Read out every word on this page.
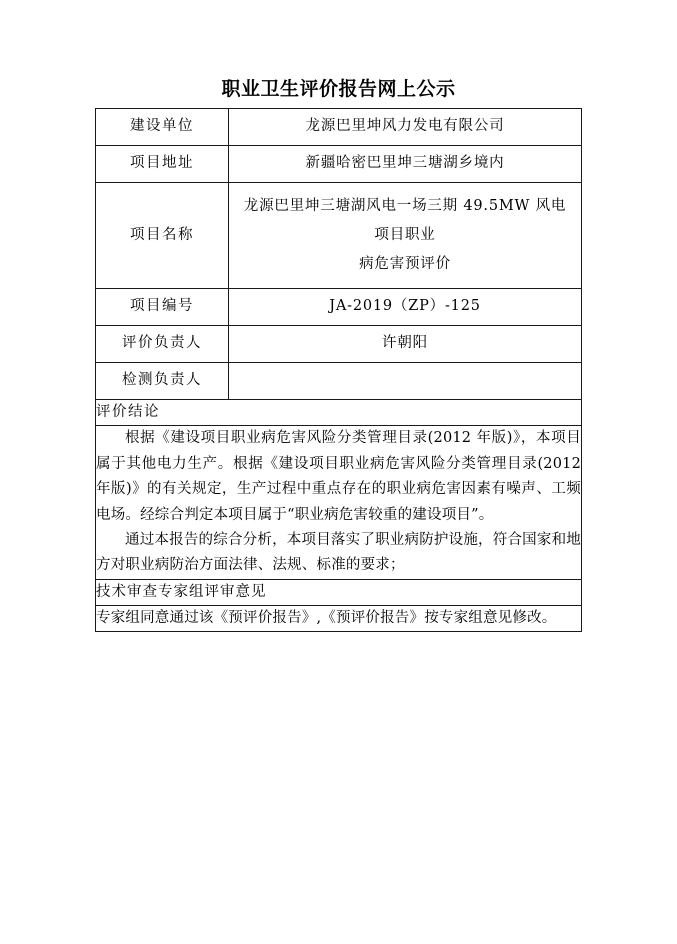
职业卫生评价报告网上公示
建设单位	龙源巴里坤风力发电有限公司
项目地址	新疆哈密巴里坤三塘湖乡境内
项目名称	龙源巴里坤三塘湖风电一场三期 49.5MW 风电项目职业
病危害预评价

项目编号	JA-2019（ZP）-125
评价负责人	许朝阳
检测负责人	
评价结论	

根据《建设项目职业病危害风险分类管理目录(2012 年版)》，本项目属于其他电力生产。根据《建设项目职业病危害风险分类管理目录(2012 年版)》的有关规定，生产过程中重点存在的职业病危害因素有噪声、工频电场。经综合判定本项目属于“职业病危害较重的建设项目”。

通过本报告的综合分析，本项目落实了职业病防护设施，符合国家和地方对职业病防治方面法律、法规、标准的要求；	

技术审查专家组评审意见	
专家组同意通过该《预评价报告》,《预评价报告》按专家组意见修改。	
